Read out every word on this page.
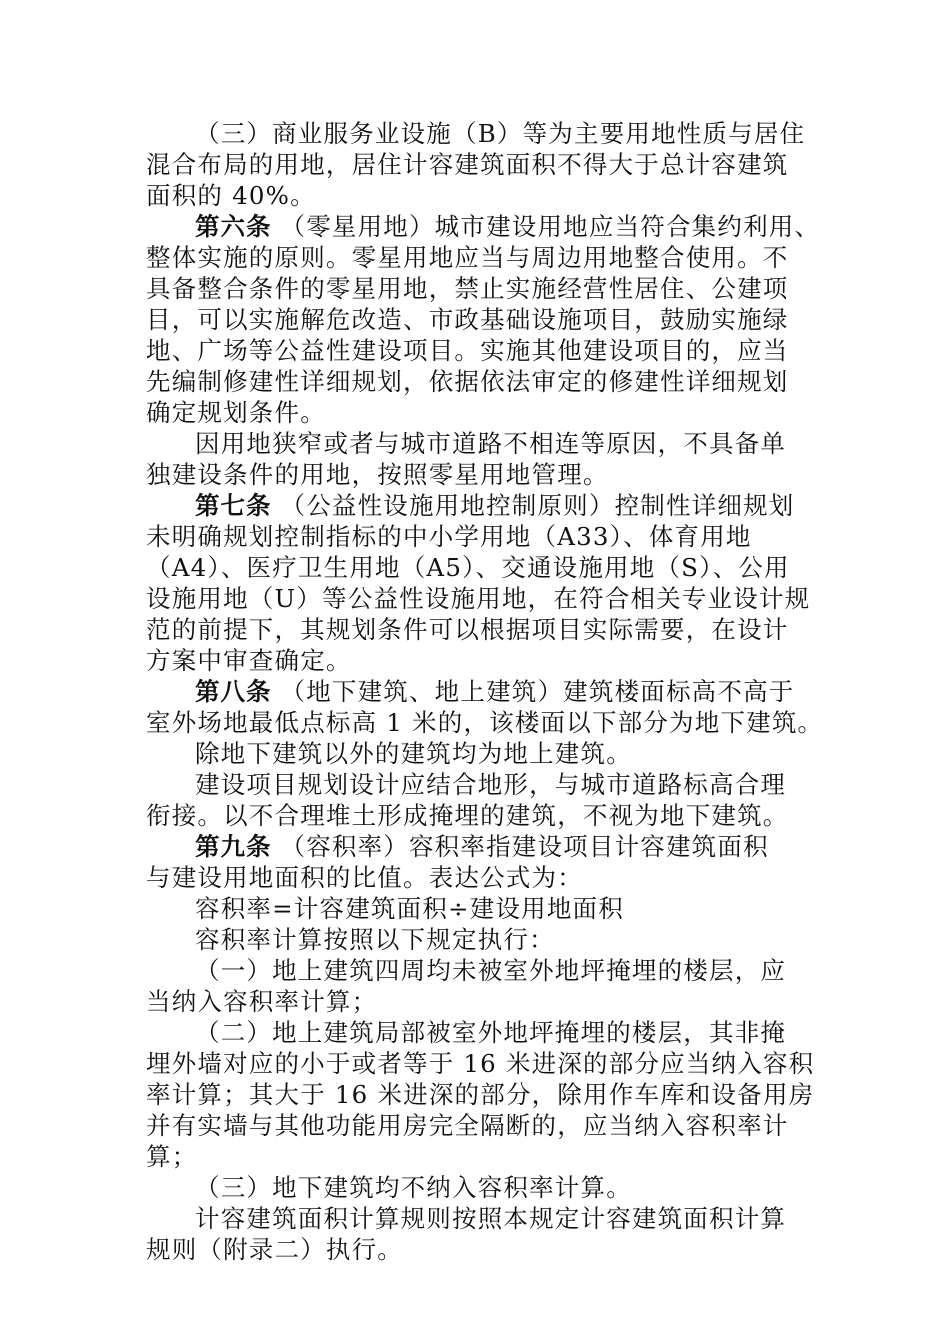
（三）商业服务业设施（B）等为主要用地性质与居住
混合布局的用地，居住计容建筑面积不得大于总计容建筑
面积的 40%。
第六条 （零星用地）城市建设用地应当符合集约利用、
整体实施的原则。零星用地应当与周边用地整合使用。不
具备整合条件的零星用地，禁止实施经营性居住、公建项
目，可以实施解危改造、市政基础设施项目，鼓励实施绿
地、广场等公益性建设项目。实施其他建设项目的，应当
先编制修建性详细规划，依据依法审定的修建性详细规划
确定规划条件。
因用地狭窄或者与城市道路不相连等原因，不具备单
独建设条件的用地，按照零星用地管理。
第七条 （公益性设施用地控制原则）控制性详细规划
未明确规划控制指标的中小学用地（A33）、体育用地
（A4）、医疗卫生用地（A5）、交通设施用地（S）、公用
设施用地（U）等公益性设施用地，在符合相关专业设计规
范的前提下，其规划条件可以根据项目实际需要，在设计
方案中审查确定。
第八条 （地下建筑、地上建筑）建筑楼面标高不高于
室外场地最低点标高 1 米的，该楼面以下部分为地下建筑。
除地下建筑以外的建筑均为地上建筑。
建设项目规划设计应结合地形，与城市道路标高合理
衔接。以不合理堆土形成掩埋的建筑，不视为地下建筑。
第九条 （容积率）容积率指建设项目计容建筑面积
与建设用地面积的比值。表达公式为：
容积率=计容建筑面积÷建设用地面积
容积率计算按照以下规定执行：
（一）地上建筑四周均未被室外地坪掩埋的楼层，应
当纳入容积率计算；
（二）地上建筑局部被室外地坪掩埋的楼层，其非掩
埋外墙对应的小于或者等于 16 米进深的部分应当纳入容积
率计算；其大于 16 米进深的部分，除用作车库和设备用房
并有实墙与其他功能用房完全隔断的，应当纳入容积率计
算；
（三）地下建筑均不纳入容积率计算。
计容建筑面积计算规则按照本规定计容建筑面积计算
规则（附录二）执行。
